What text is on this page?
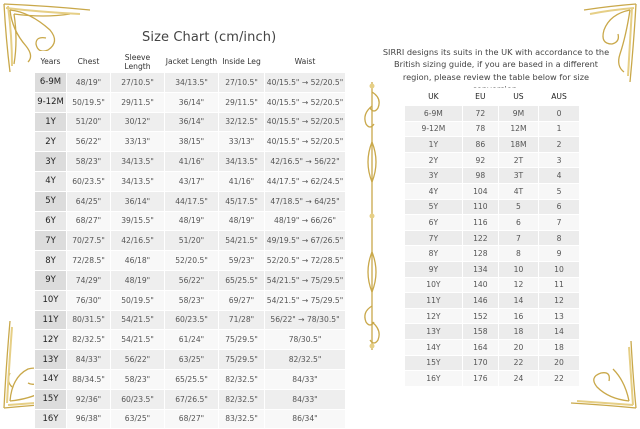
Size Chart (cm/inch)
Years	Chest	Sleeve Length	Jacket Length	Inside Leg	Waist
6-9M	48/19"	27/10.5"	34/13.5"	27/10.5"	40/15.5" → 52/20.5"
9-12M	50/19.5"	29/11.5"	36/14"	29/11.5"	40/15.5" → 52/20.5"
1Y	51/20"	30/12"	36/14"	32/12.5"	40/15.5" → 52/20.5"
2Y	56/22"	33/13"	38/15"	33/13"	40/15.5" → 52/20.5"
3Y	58/23"	34/13.5"	41/16"	34/13.5"	42/16.5" → 56/22"
4Y	60/23.5"	34/13.5"	43/17"	41/16"	44/17.5" → 62/24.5"
5Y	64/25"	36/14"	44/17.5"	45/17.5"	47/18.5" → 64/25"
6Y	68/27"	39/15.5"	48/19"	48/19"	48/19" → 66/26"
7Y	70/27.5"	42/16.5"	51/20"	54/21.5"	49/19.5" → 67/26.5"
8Y	72/28.5"	46/18"	52/20.5"	59/23"	52/20.5" → 72/28.5"
9Y	74/29"	48/19"	56/22"	65/25.5"	54/21.5" → 75/29.5"
10Y	76/30"	50/19.5"	58/23"	69/27"	54/21.5" → 75/29.5"
11Y	80/31.5"	54/21.5"	60/23.5"	71/28"	56/22" → 78/30.5"
12Y	82/32.5"	54/21.5"	61/24"	75/29.5"	78/30.5"
13Y	84/33"	56/22"	63/25"	75/29.5"	82/32.5"
14Y	88/34.5"	58/23"	65/25.5"	82/32.5"	84/33"
15Y	92/36"	60/23.5"	67/26.5"	82/32.5"	84/33"
16Y	96/38"	63/25"	68/27"	83/32.5"	86/34"
SIRRI designs its suits in the UK with accordance to the British sizing guide, if you are based in a different region, please review the table below for size
UK	EU	US	AUS
6-9M	72	9M	0
9-12M	78	12M	1
1Y	86	18M	2
2Y	92	2T	3
3Y	98	3T	4
4Y	104	4T	5
5Y	110	5	6
6Y	116	6	7
7Y	122	7	8
8Y	128	8	9
9Y	134	10	10
10Y	140	12	11
11Y	146	14	12
12Y	152	16	13
13Y	158	18	14
14Y	164	20	18
15Y	170	22	20
16Y	176	24	22
